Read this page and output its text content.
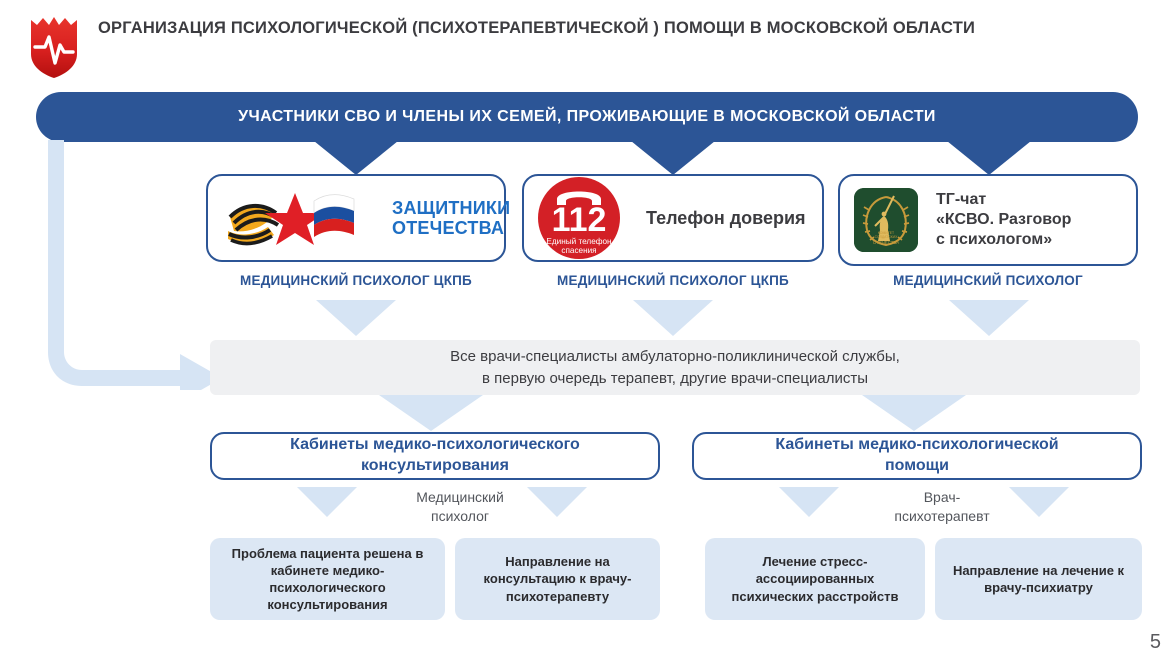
ОРГАНИЗАЦИЯ ПСИХОЛОГИЧЕСКОЙ (ПСИХОТЕРАПЕВТИЧЕСКОЙ ) ПОМОЩИ В МОСКОВСКОЙ ОБЛАСТИ
УЧАСТНИКИ СВО И ЧЛЕНЫ ИХ СЕМЕЙ, ПРОЖИВАЮЩИЕ В МОСКОВСКОЙ ОБЛАСТИ
ЗАЩИТНИКИ
ОТЕЧЕСТВА 112
Единый телефон
спасения
Телефон доверия
КОМИТЕТ
СОЛДАТСКИХ
ОТЕЧЕСТВА
ТГ-чат
«КСВО. Разговор
с психологом»
МЕДИЦИНСКИЙ ПСИХОЛОГ ЦКПБ	МЕДИЦИНСКИЙ ПСИХОЛОГ ЦКПБ	МЕДИЦИНСКИЙ ПСИХОЛОГ
Все врачи-специалисты амбулаторно-поликлинической службы,
в первую очередь терапевт, другие врачи-специалисты
Кабинеты медико-психологического
консультирования
Медицинский
психолог
Проблема пациента решена в кабинете медико-психологического консультирования
Направление на консультацию к врачу-психотерапевту
Кабинеты медико-психологической
помощи
Врач-
психотерапевт
Лечение стресс-ассоциированных психических расстройств
Направление на лечение к врачу-психиатру
5
